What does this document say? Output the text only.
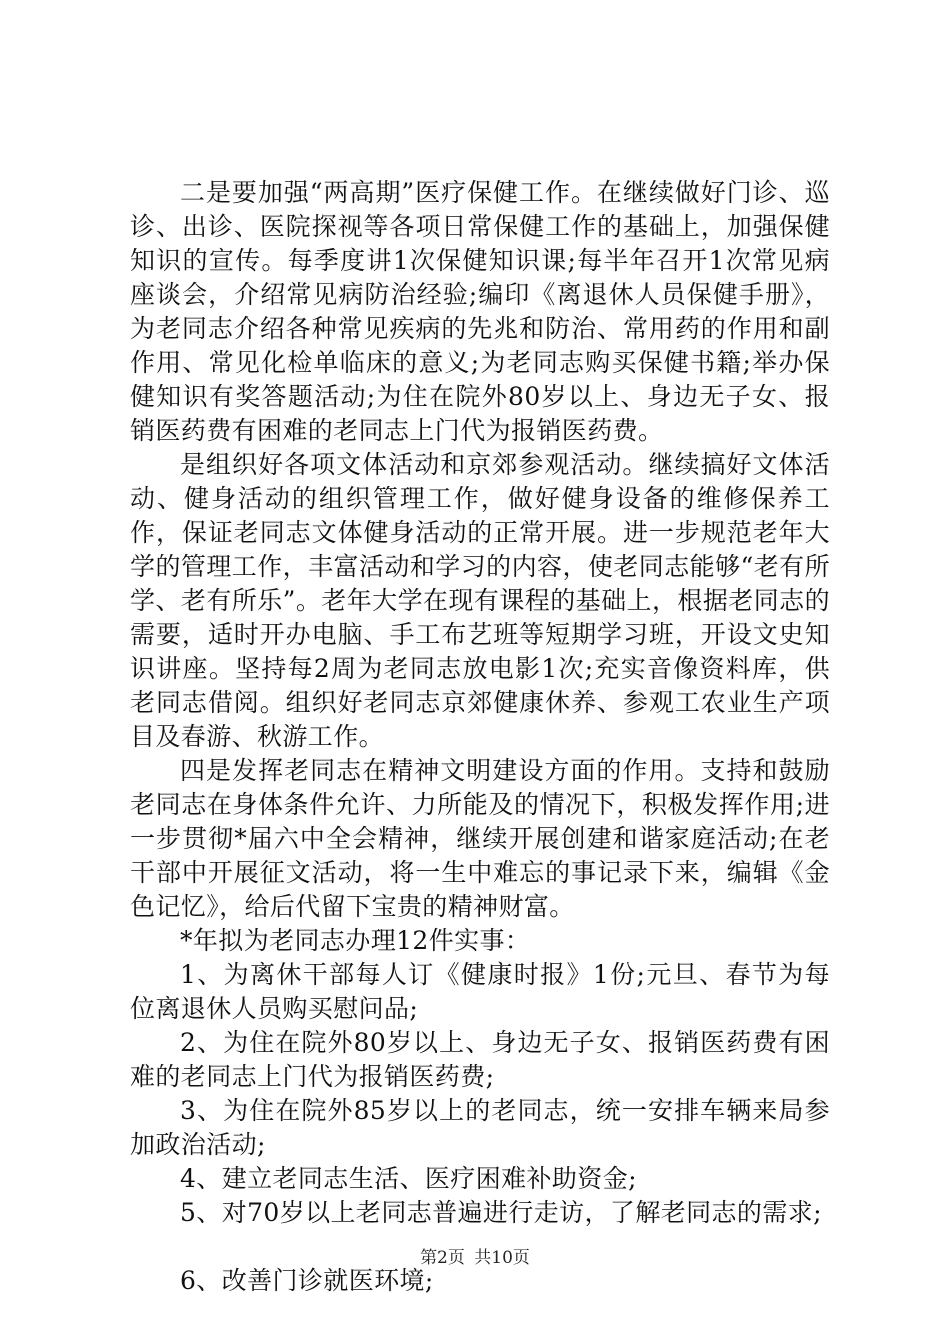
二是要加强“两高期”医疗保健工作。在继续做好门诊、巡诊、出诊、医院探视等各项日常保健工作的基础上，加强保健知识的宣传。每季度讲1次保健知识课;每半年召开1次常见病座谈会，介绍常见病防治经验;编印《离退休人员保健手册》，为老同志介绍各种常见疾病的先兆和防治、常用药的作用和副作用、常见化检单临床的意义;为老同志购买保健书籍;举办保健知识有奖答题活动;为住在院外80岁以上、身边无子女、报销医药费有困难的老同志上门代为报销医药费。

是组织好各项文体活动和京郊参观活动。继续搞好文体活动、健身活动的组织管理工作，做好健身设备的维修保养工作，保证老同志文体健身活动的正常开展。进一步规范老年大学的管理工作，丰富活动和学习的内容，使老同志能够“老有所学、老有所乐”。老年大学在现有课程的基础上，根据老同志的需要，适时开办电脑、手工布艺班等短期学习班，开设文史知识讲座。坚持每2周为老同志放电影1次;充实音像资料库，供老同志借阅。组织好老同志京郊健康休养、参观工农业生产项目及春游、秋游工作。

四是发挥老同志在精神文明建设方面的作用。支持和鼓励老同志在身体条件允许、力所能及的情况下，积极发挥作用;进一步贯彻*届六中全会精神，继续开展创建和谐家庭活动;在老干部中开展征文活动，将一生中难忘的事记录下来，编辑《金色记忆》，给后代留下宝贵的精神财富。

*年拟为老同志办理12件实事：

1、为离休干部每人订《健康时报》1份;元旦、春节为每位离退休人员购买慰问品;

2、为住在院外80岁以上、身边无子女、报销医药费有困难的老同志上门代为报销医药费;

3、为住在院外85岁以上的老同志，统一安排车辆来局参加政治活动;

4、建立老同志生活、医疗困难补助资金;

5、对70岁以上老同志普遍进行走访，了解老同志的需求;

6、改善门诊就医环境;

第2页 共10页
